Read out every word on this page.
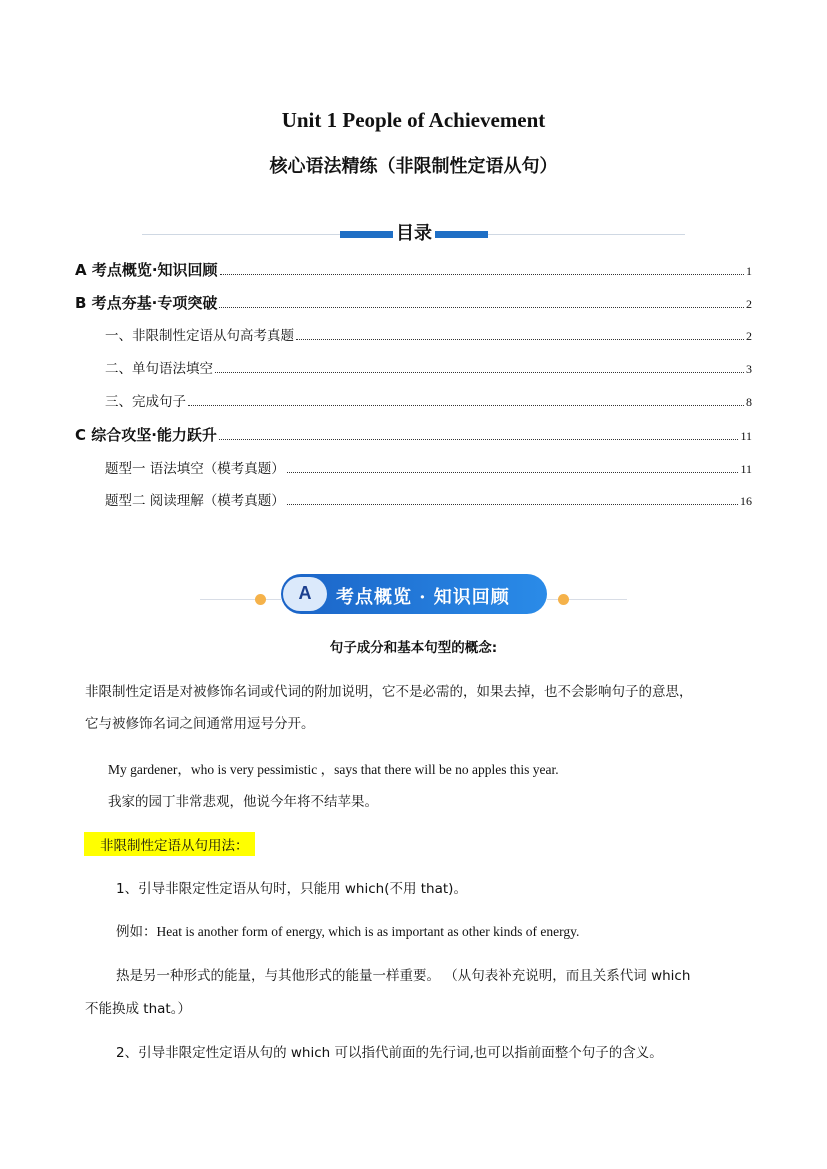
Unit 1 People of Achievement
核心语法精练（非限制性定语从句）
目录
A 考点概览·知识回顾	1
B 考点夯基·专项突破	2
一、非限制性定语从句高考真题	2
二、单句语法填空	3
三、完成句子	8
C 综合攻坚·能力跃升	11
题型一 语法填空（模考真题）	11
题型二 阅读理解（模考真题）	16
A	考点概览 · 知识回顾
句子成分和基本句型的概念:
非限制性定语是对被修饰名词或代词的附加说明，它不是必需的，如果去掉，也不会影响句子的意思，
它与被修饰名词之间通常用逗号分开。
My gardener，who is very pessimistic ，says that there will be no apples this year.
我家的园丁非常悲观，他说今年将不结苹果。
非限制性定语从句用法：
1、引导非限定性定语从句时，只能用 which(不用 that)。
例如：Heat is another form of energy, which is as important as other kinds of energy.
热是另一种形式的能量，与其他形式的能量一样重要。 （从句表补充说明，而且关系代词 which
不能换成 that。）
2、引导非限定性定语从句的 which 可以指代前面的先行词,也可以指前面整个句子的含义。
